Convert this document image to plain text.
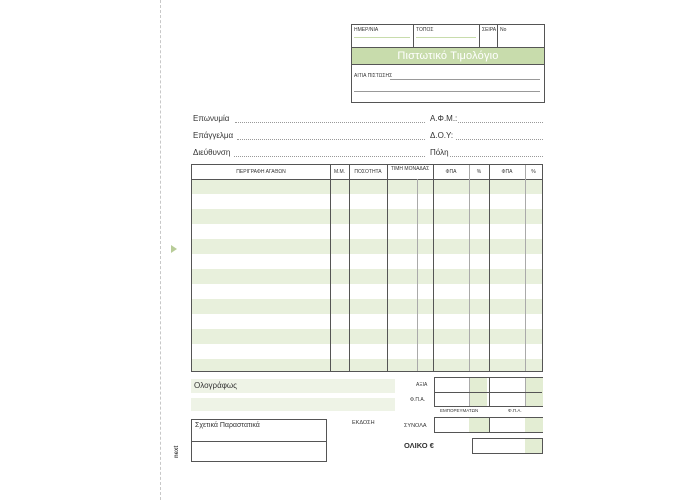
ΗΜΕΡ/ΝΙΑ	ΤΟΠΟΣ	ΣΕΙΡΑ Νο
Πιστωτικό Τιμολόγιο
ΑΙΤΙΑ ΠΙΣΤΩΣΗΣ
Επωνυμία	Α.Φ.Μ.:
Επάγγελμα	Δ.Ο.Υ:
Διεύθυνση	Πόλη
ΠΕΡΙΓΡΑΦΗ ΑΓΑΘΩΝ	Μ.Μ.	ΠΟΣΟΤΗΤΑ	ΤΙΜΗ ΜΟΝΑΔΑΣ	ΦΠΑ	%	ΦΠΑ	%
Ολογράφως	ΑΞΙΑ
Φ.Π.Α.
ΕΜΠΟΡΕΥΜΑΤΩΝ	Φ.Π.Α.
Σχετικά Παραστατικά	ΕΚΔΟΣΗ	ΣΥΝΟΛΑ
ΟΛΙΚΟ €
next
